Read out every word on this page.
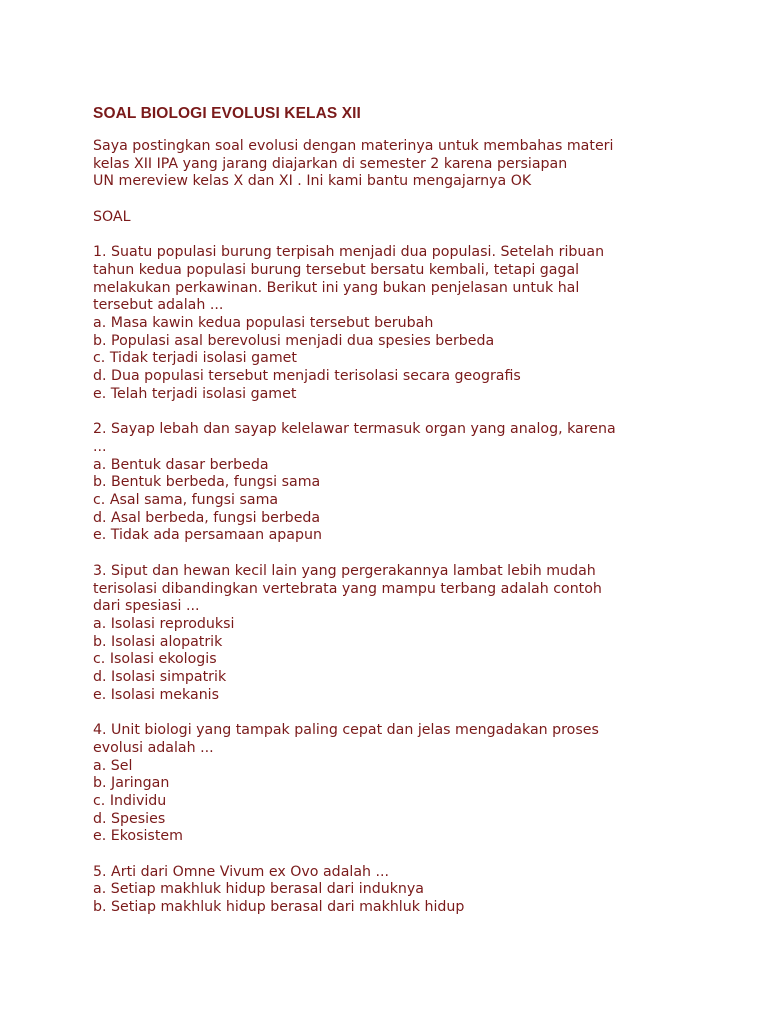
SOAL BIOLOGI EVOLUSI KELAS XII

Saya postingkan soal evolusi dengan materinya untuk membahas materi
kelas XII IPA yang jarang diajarkan di semester 2 karena persiapan
UN mereview kelas X dan XI . Ini kami bantu mengajarnya OK

SOAL

1. Suatu populasi burung terpisah menjadi dua populasi. Setelah ribuan
tahun kedua populasi burung tersebut bersatu kembali, tetapi gagal
melakukan perkawinan. Berikut ini yang bukan penjelasan untuk hal
tersebut adalah ...
a. Masa kawin kedua populasi tersebut berubah
b. Populasi asal berevolusi menjadi dua spesies berbeda
c. Tidak terjadi isolasi gamet
d. Dua populasi tersebut menjadi terisolasi secara geografis
e. Telah terjadi isolasi gamet
2. Sayap lebah dan sayap kelelawar termasuk organ yang analog, karena
...
a. Bentuk dasar berbeda
b. Bentuk berbeda, fungsi sama
c. Asal sama, fungsi sama
d. Asal berbeda, fungsi berbeda
e. Tidak ada persamaan apapun
3. Siput dan hewan kecil lain yang pergerakannya lambat lebih mudah
terisolasi dibandingkan vertebrata yang mampu terbang adalah contoh
dari spesiasi ...
a. Isolasi reproduksi
b. Isolasi alopatrik
c. Isolasi ekologis
d. Isolasi simpatrik
e. Isolasi mekanis
4. Unit biologi yang tampak paling cepat dan jelas mengadakan proses
evolusi adalah ...
a. Sel
b. Jaringan
c. Individu
d. Spesies
e. Ekosistem
5. Arti dari Omne Vivum ex Ovo adalah ...
a. Setiap makhluk hidup berasal dari induknya
b. Setiap makhluk hidup berasal dari makhluk hidup
